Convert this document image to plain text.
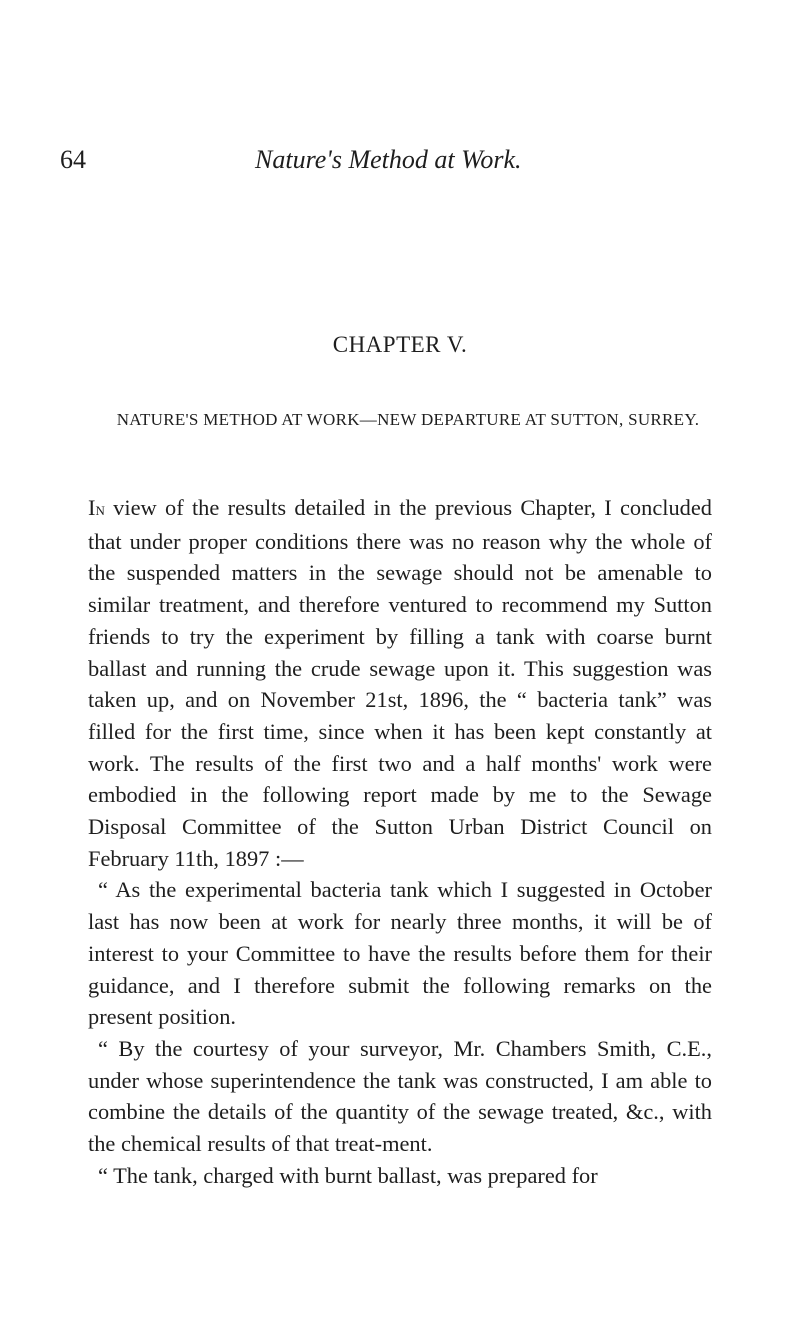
64	Nature's Method at Work.
CHAPTER V.
NATURE'S METHOD AT WORK—NEW DEPARTURE AT SUTTON, SURREY.

In view of the results detailed in the previous Chapter, I concluded that under proper conditions there was no reason why the whole of the suspended matters in the sewage should not be amenable to similar treatment, and therefore ventured to recommend my Sutton friends to try the experiment by filling a tank with coarse burnt ballast and running the crude sewage upon it. This suggestion was taken up, and on November 21st, 1896, the “ bacteria tank” was filled for the first time, since when it has been kept constantly at work. The results of the first two and a half months' work were embodied in the following report made by me to the Sewage Disposal Committee of the Sutton Urban District Council on February 11th, 1897 :—

“ As the experimental bacteria tank which I suggested in October last has now been at work for nearly three months, it will be of interest to your Committee to have the results before them for their guidance, and I therefore submit the following remarks on the present position.

“ By the courtesy of your surveyor, Mr. Chambers Smith, C.E., under whose superintendence the tank was constructed, I am able to combine the details of the quantity of the sewage treated, &c., with the chemical results of that treat-ment.

“ The tank, charged with burnt ballast, was prepared for
